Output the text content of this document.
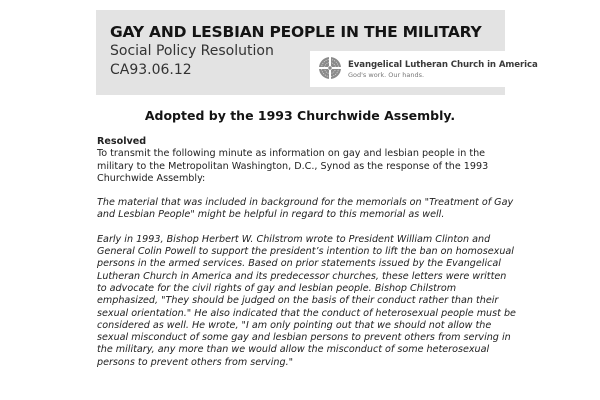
GAY AND LESBIAN PEOPLE IN THE MILITARY
Social Policy Resolution
CA93.06.12	Evangelical Lutheran Church in America
God's work. Our hands.
Adopted by the 1993 Churchwide Assembly.
Resolved

To transmit the following minute as information on gay and lesbian people in the military to the Metropolitan Washington, D.C., Synod as the response of the 1993 Churchwide Assembly:

The material that was included in background for the memorials on "Treatment of Gay and Lesbian People" might be helpful in regard to this memorial as well.

Early in 1993, Bishop Herbert W. Chilstrom wrote to President William Clinton and General Colin Powell to support the president’s intention to lift the ban on homosexual persons in the armed services. Based on prior statements issued by the Evangelical Lutheran Church in America and its predecessor churches, these letters were written to advocate for the civil rights of gay and lesbian people. Bishop Chilstrom emphasized, "They should be judged on the basis of their conduct rather than their sexual orientation." He also indicated that the conduct of heterosexual people must be considered as well. He wrote, "I am only pointing out that we should not allow the sexual misconduct of some gay and lesbian persons to prevent others from serving in the military, any more than we would allow the misconduct of some heterosexual persons to prevent others from serving."
